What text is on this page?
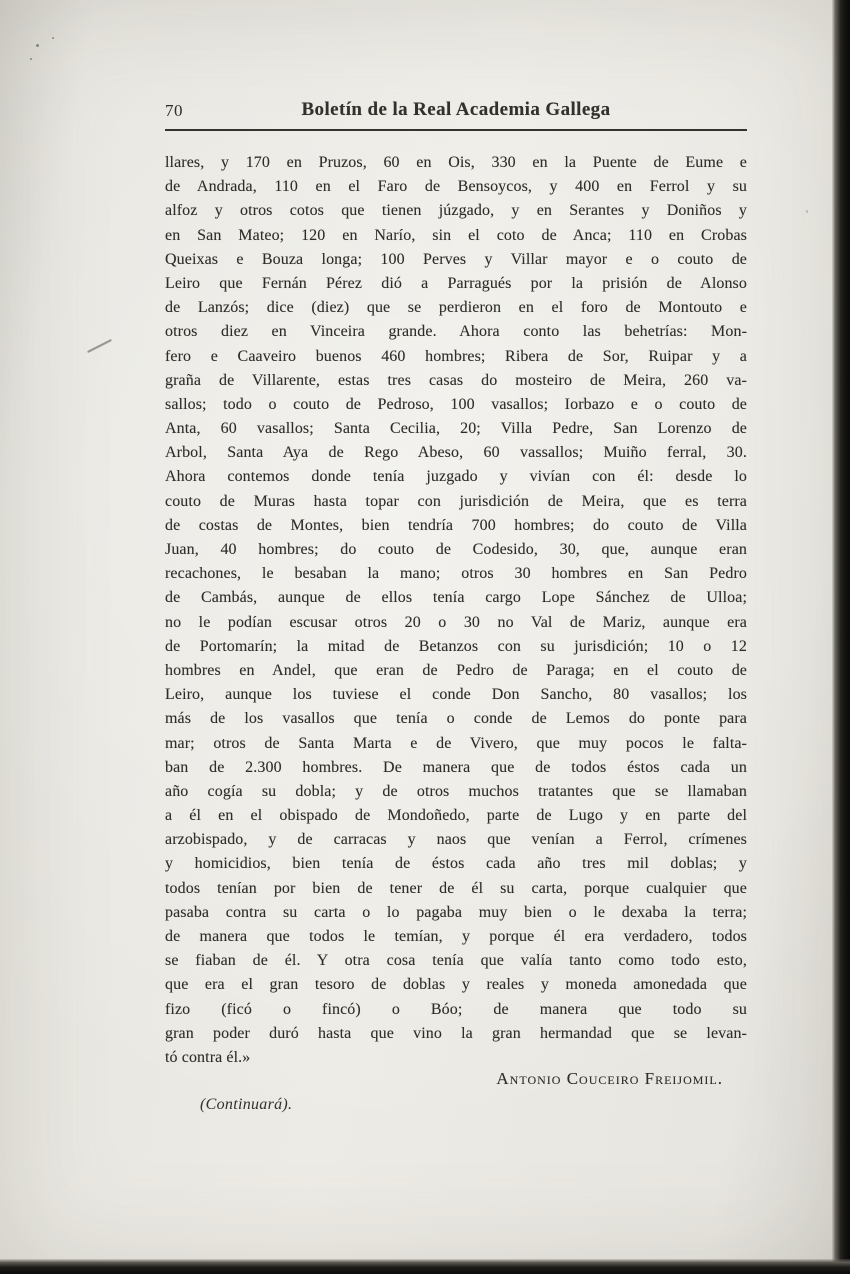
70	Boletín de la Real Academia Gallega
llares, y 170 en Pruzos, 60 en Ois, 330 en la Puente de Eume e
de Andrada, 110 en el Faro de Bensoycos, y 400 en Ferrol y su
alfoz y otros cotos que tienen júzgado, y en Serantes y Doniños y
en San Mateo; 120 en Narío, sin el coto de Anca; 110 en Crobas
Queixas e Bouza longa; 100 Perves y Villar mayor e o couto de
Leiro que Fernán Pérez dió a Parragués por la prisión de Alonso
de Lanzós; dice (diez) que se perdieron en el foro de Montouto e
otros diez en Vinceira grande. Ahora conto las behetrías: Mon-
fero e Caaveiro buenos 460 hombres; Ribera de Sor, Ruipar y a
graña de Villarente, estas tres casas do mosteiro de Meira, 260 va-
sallos; todo o couto de Pedroso, 100 vasallos; Iorbazo e o couto de
Anta, 60 vasallos; Santa Cecilia, 20; Villa Pedre, San Lorenzo de
Arbol, Santa Aya de Rego Abeso, 60 vassallos; Muiño ferral, 30.
Ahora contemos donde tenía juzgado y vivían con él: desde lo
couto de Muras hasta topar con jurisdición de Meira, que es terra
de costas de Montes, bien tendría 700 hombres; do couto de Villa
Juan, 40 hombres; do couto de Codesido, 30, que, aunque eran
recachones, le besaban la mano; otros 30 hombres en San Pedro
de Cambás, aunque de ellos tenía cargo Lope Sánchez de Ulloa;
no le podían escusar otros 20 o 30 no Val de Mariz, aunque era
de Portomarín; la mitad de Betanzos con su jurisdición; 10 o 12
hombres en Andel, que eran de Pedro de Paraga; en el couto de
Leiro, aunque los tuviese el conde Don Sancho, 80 vasallos; los
más de los vasallos que tenía o conde de Lemos do ponte para
mar; otros de Santa Marta e de Vivero, que muy pocos le falta-
ban de 2.300 hombres. De manera que de todos éstos cada un
año cogía su dobla; y de otros muchos tratantes que se llamaban
a él en el obispado de Mondoñedo, parte de Lugo y en parte del
arzobispado, y de carracas y naos que venían a Ferrol, crímenes
y homicidios, bien tenía de éstos cada año tres mil doblas; y
todos tenían por bien de tener de él su carta, porque cualquier que
pasaba contra su carta o lo pagaba muy bien o le dexaba la terra;
de manera que todos le temían, y porque él era verdadero, todos
se fiaban de él. Y otra cosa tenía que valía tanto como todo esto,
que era el gran tesoro de doblas y reales y moneda amonedada que
fizo (ficó o fincó) o Bóo; de manera que todo su
gran poder duró hasta que vino la gran hermandad que se levan-
tó contra él.»
Antonio Couceiro Freijomil.
(Continuará).
